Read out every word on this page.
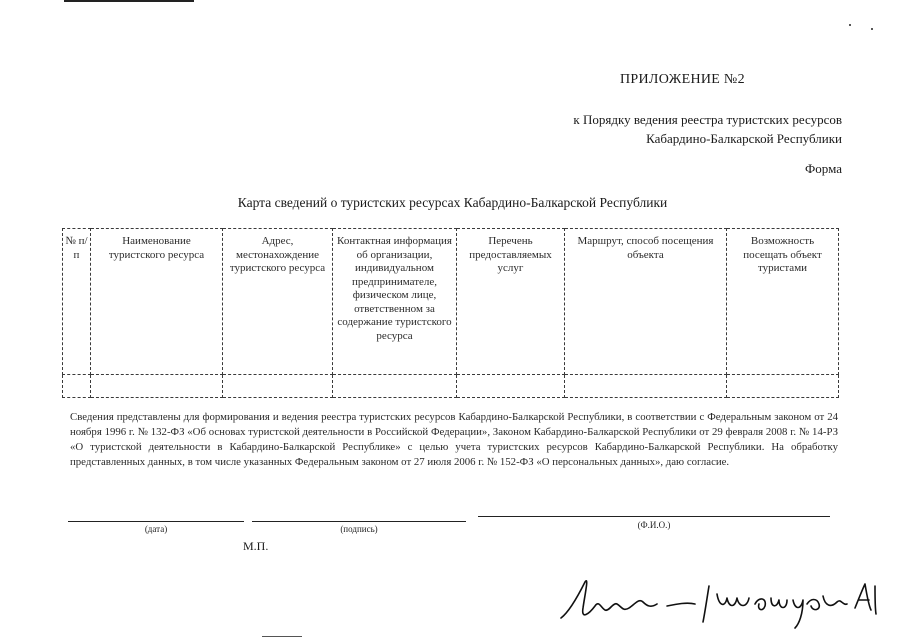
ПРИЛОЖЕНИЕ №2
к Порядку ведения реестра туристских ресурсов
Кабардино-Балкарской Республики
Форма
Карта сведений о туристских ресурсах Кабардино-Балкарской Республики
№ п/п	Наименование туристского ресурса	Адрес, местонахождение туристского ресурса	Контактная информация об организации, индивидуальном предпринимателе, физическом лице, ответственном за содержание туристского ресурса	Перечень предоставляемых услуг	Маршрут, способ посещения объекта	Возможность посещать объект туристами

Сведения представлены для формирования и ведения реестра туристских ресурсов Кабардино-Балкарской Республики, в соответствии с Федеральным законом от 24 ноября 1996 г. № 132-ФЗ «Об основах туристской деятельности в Российской Федерации», Законом Кабардино-Балкарской Республики от 29 февраля 2008 г. № 14-РЗ «О туристской деятельности в Кабардино-Балкарской Республике» с целью учета туристских ресурсов Кабардино-Балкарской Республики. На обработку представленных данных, в том числе указанных Федеральным законом от 27 июля 2006 г. № 152-ФЗ «О персональных данных», даю согласие.
(дата)	(подпись)	(Ф.И.О.)
М.П.
